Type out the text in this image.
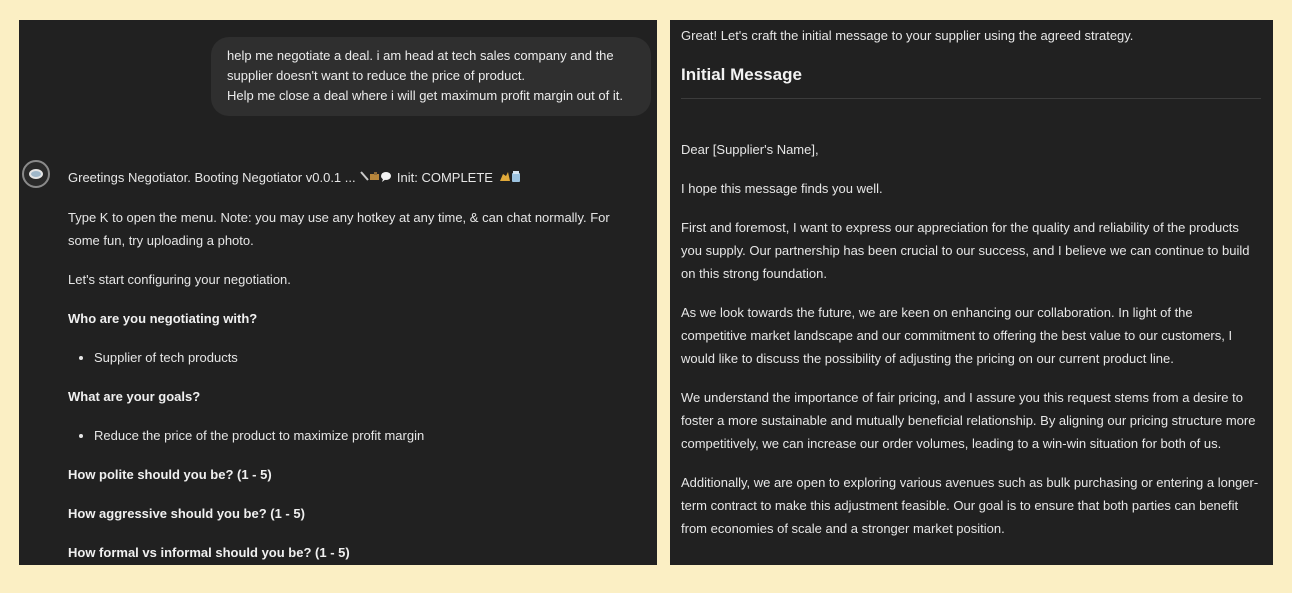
help me negotiate a deal. i am head at tech sales company and the supplier doesn't want to reduce the price of product.

Help me close a deal where i will get maximum profit margin out of it.

Greetings Negotiator. Booting Negotiator v0.0.1 ...	Init: COMPLETE

Type K to open the menu. Note: you may use any hotkey at any time, & can chat normally. For some fun, try uploading a photo.

Let's start configuring your negotiation.

Who are you negotiating with?

• Supplier of tech products

What are your goals?

• Reduce the price of the product to maximize profit margin

How polite should you be? (1 - 5)

How aggressive should you be? (1 - 5)

How formal vs informal should you be? (1 - 5)

Great! Let's craft the initial message to your supplier using the agreed strategy.

Initial Message

Dear [Supplier's Name],

I hope this message finds you well.

First and foremost, I want to express our appreciation for the quality and reliability of the products you supply. Our partnership has been crucial to our success, and I believe we can continue to build on this strong foundation.

As we look towards the future, we are keen on enhancing our collaboration. In light of the competitive market landscape and our commitment to offering the best value to our customers, I would like to discuss the possibility of adjusting the pricing on our current product line.

We understand the importance of fair pricing, and I assure you this request stems from a desire to foster a more sustainable and mutually beneficial relationship. By aligning our pricing structure more competitively, we can increase our order volumes, leading to a win-win situation for both of us.

Additionally, we are open to exploring various avenues such as bulk purchasing or entering a longer-term contract to make this adjustment feasible. Our goal is to ensure that both parties can benefit from economies of scale and a stronger market position.
